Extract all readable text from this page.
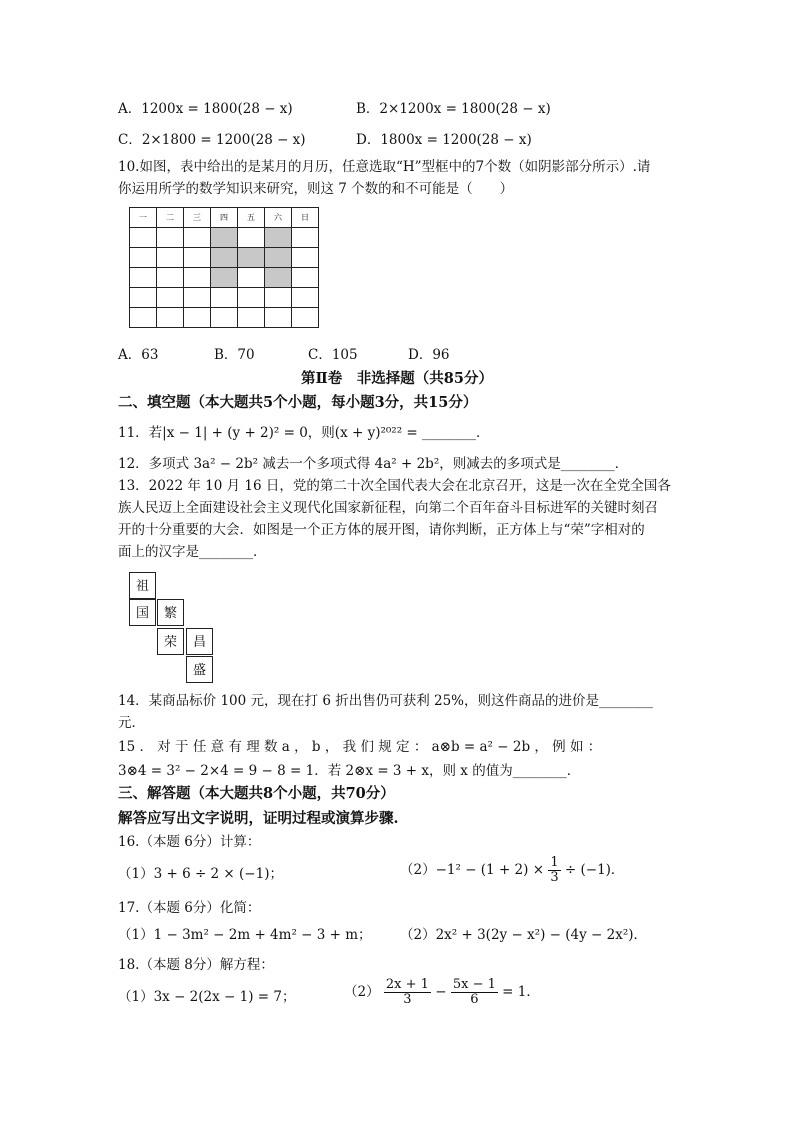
A．1200x = 1800(28 − x)	B．2×1200x = 1800(28 − x)
C．2×1800 = 1200(28 − x)	D．1800x = 1200(28 − x)
10.如图，表中给出的是某月的月历，任意选取“H”型框中的7个数（如阴影部分所示）.请
你运用所学的数学知识来研究，则这 7 个数的和不可能是（　　）
一	二	三	四	五	六	日

A．63	B．70	C．105	D．96
第Ⅱ卷　非选择题（共85分）
二、填空题（本大题共5个小题，每小题3分，共15分）
11．若|x − 1| + (y + 2)² = 0，则(x + y)²⁰²² = ________．
12．多项式 3a² − 2b² 减去一个多项式得 4a² + 2b²，则减去的多项式是________．
13．2022 年 10 月 16 日，党的第二十次全国代表大会在北京召开，这是一次在全党全国各
族人民迈上全面建设社会主义现代化国家新征程，向第二个百年奋斗目标进军的关键时刻召
开的十分重要的大会．如图是一个正方体的展开图，请你判断，正方体上与“荣”字相对的
面上的汉字是________．
祖
国	繁
荣	昌
盛
14．某商品标价 100 元，现在打 6 折出售仍可获利 25%，则这件商品的进价是________
元．
15 ． 对 于 任 意 有 理 数 a ， b ， 我 们 规 定 ： a⊗b = a² − 2b ， 例 如 ：
3⊗4 = 3² − 2×4 = 9 − 8 = 1．若 2⊗x = 3 + x，则 x 的值为________．
三、解答题（本大题共8个小题，共70分）
解答应写出文字说明，证明过程或演算步骤.
16.（本题 6分）计算：
（1）3 + 6 ÷ 2 × (−1)；	$(2)-1^2 - (1 + 2) \times \frac{1}{3} \div (-1)$．
17.（本题 6分）化简：
（1）1 − 3m² − 2m + 4m² − 3 + m； （2）2x² + 3(2y − x²) − (4y − 2x²)．
18.（本题 8分）解方程：
（1）3x − 2(2x − 1) = 7；	$(2) \frac{2x + 1}{3} - \frac{5x - 1}{6} = 1$．
